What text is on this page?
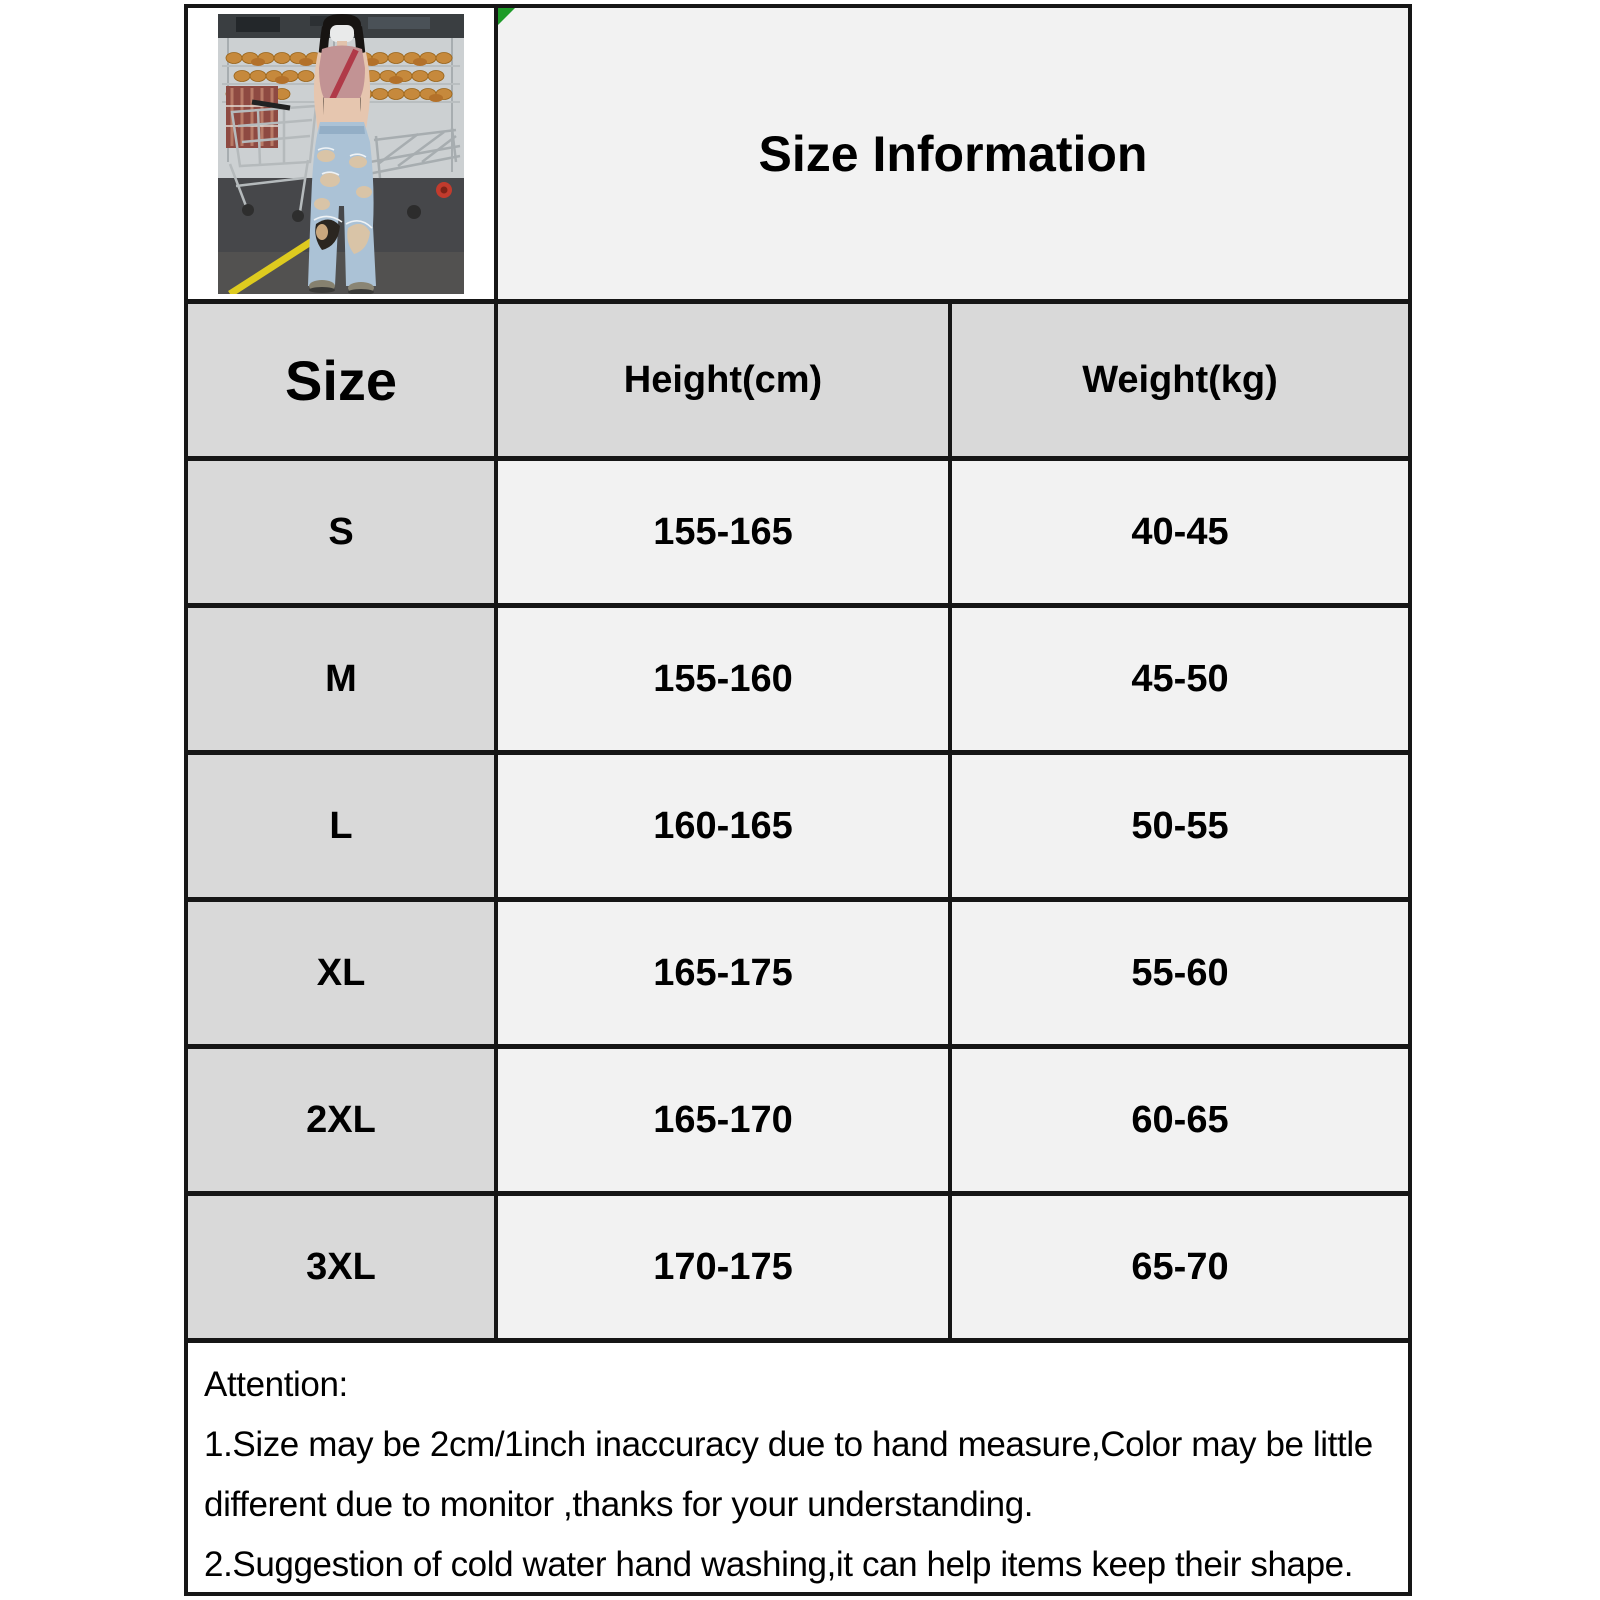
Size Information
Size	Height(cm)	Weight(kg)
S	155-165	40-45
M	155-160	45-50
L	160-165	50-55
XL	165-175	55-60
2XL	165-170	60-65
3XL	170-175	65-70
Attention:
1.Size may be 2cm/1inch inaccuracy due to hand measure,Color may be little different due to monitor ,thanks for your understanding.
2.Suggestion of cold water hand washing,it can help items keep their shape.
